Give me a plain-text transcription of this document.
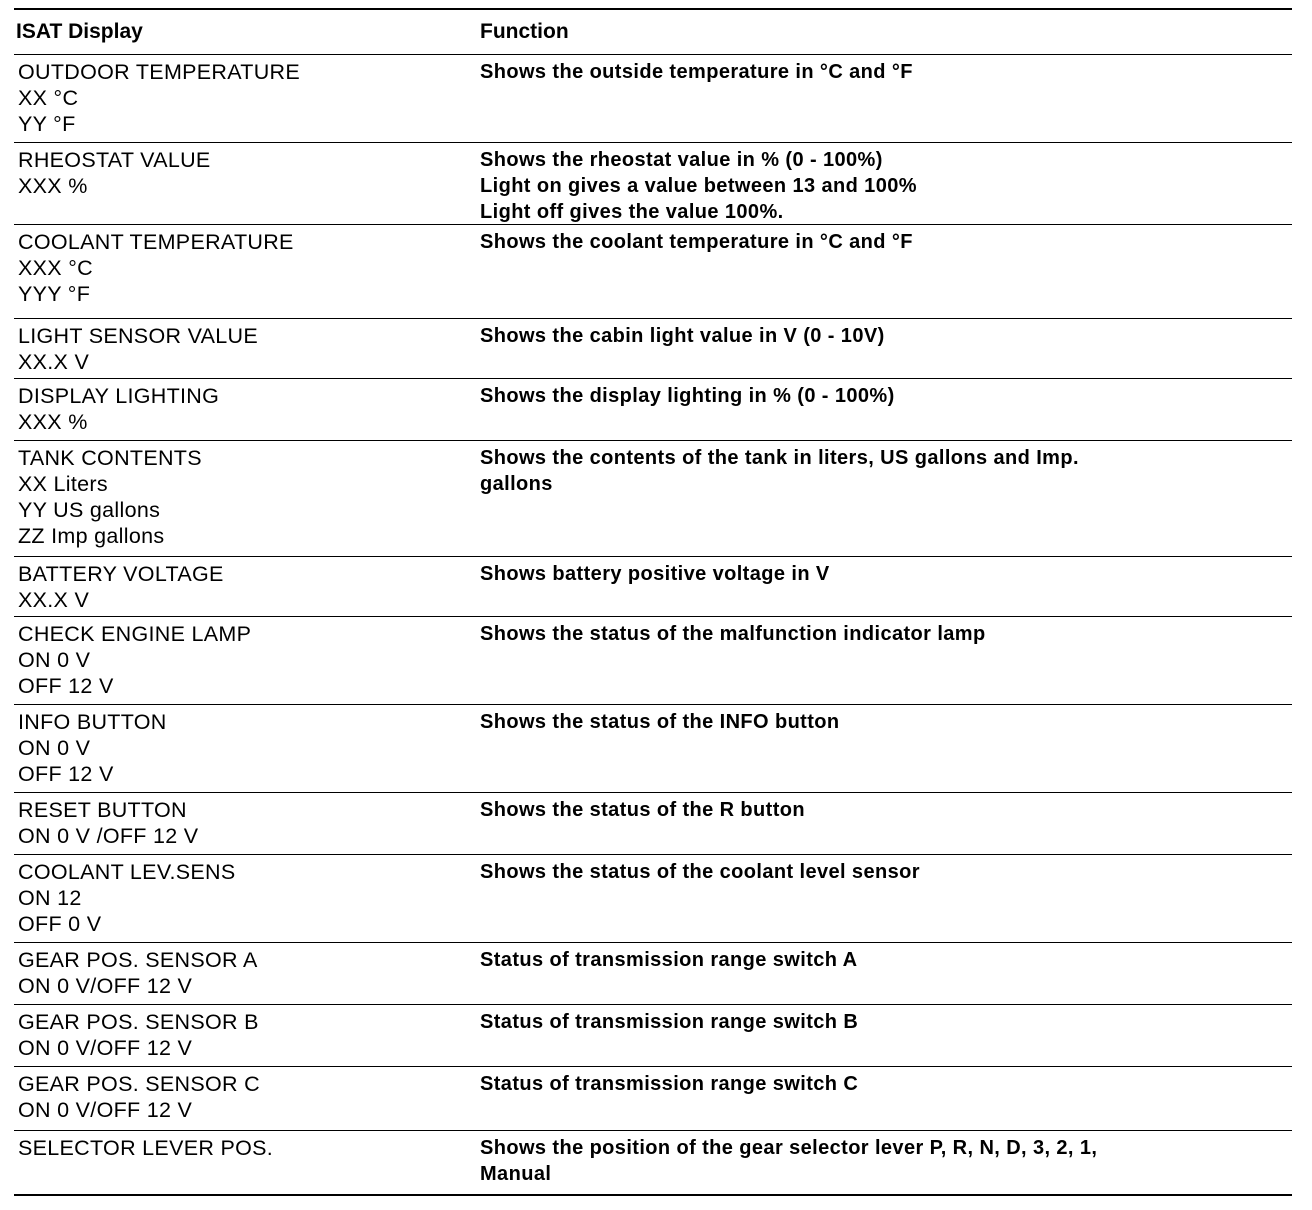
ISAT Display	Function
OUTDOOR TEMPERATURE
XX °C
YY °F
Shows the outside temperature in °C and °F
RHEOSTAT VALUE
XXX %
Shows the rheostat value in % (0 - 100%)
Light on gives a value between 13 and 100%
Light off gives the value 100%.
COOLANT TEMPERATURE
XXX °C
YYY °F
Shows the coolant temperature in °C and °F
LIGHT SENSOR VALUE
XX.X V
Shows the cabin light value in V (0 - 10V)
DISPLAY LIGHTING
XXX %
Shows the display lighting in % (0 - 100%)
TANK CONTENTS
XX Liters
YY US gallons
ZZ Imp gallons
Shows the contents of the tank in liters, US gallons and Imp.
gallons
BATTERY VOLTAGE
XX.X V
Shows battery positive voltage in V
CHECK ENGINE LAMP
ON 0 V
OFF 12 V
Shows the status of the malfunction indicator lamp
INFO BUTTON
ON 0 V
OFF 12 V
Shows the status of the INFO button
RESET BUTTON
ON 0 V /OFF 12 V
Shows the status of the R button
COOLANT LEV.SENS
ON 12
OFF 0 V
Shows the status of the coolant level sensor
GEAR POS. SENSOR A
ON 0 V/OFF 12 V
Status of transmission range switch A
GEAR POS. SENSOR B
ON 0 V/OFF 12 V
Status of transmission range switch B
GEAR POS. SENSOR C
ON 0 V/OFF 12 V
Status of transmission range switch C
SELECTOR LEVER POS.	Shows the position of the gear selector lever P, R, N, D, 3, 2, 1,
Manual
